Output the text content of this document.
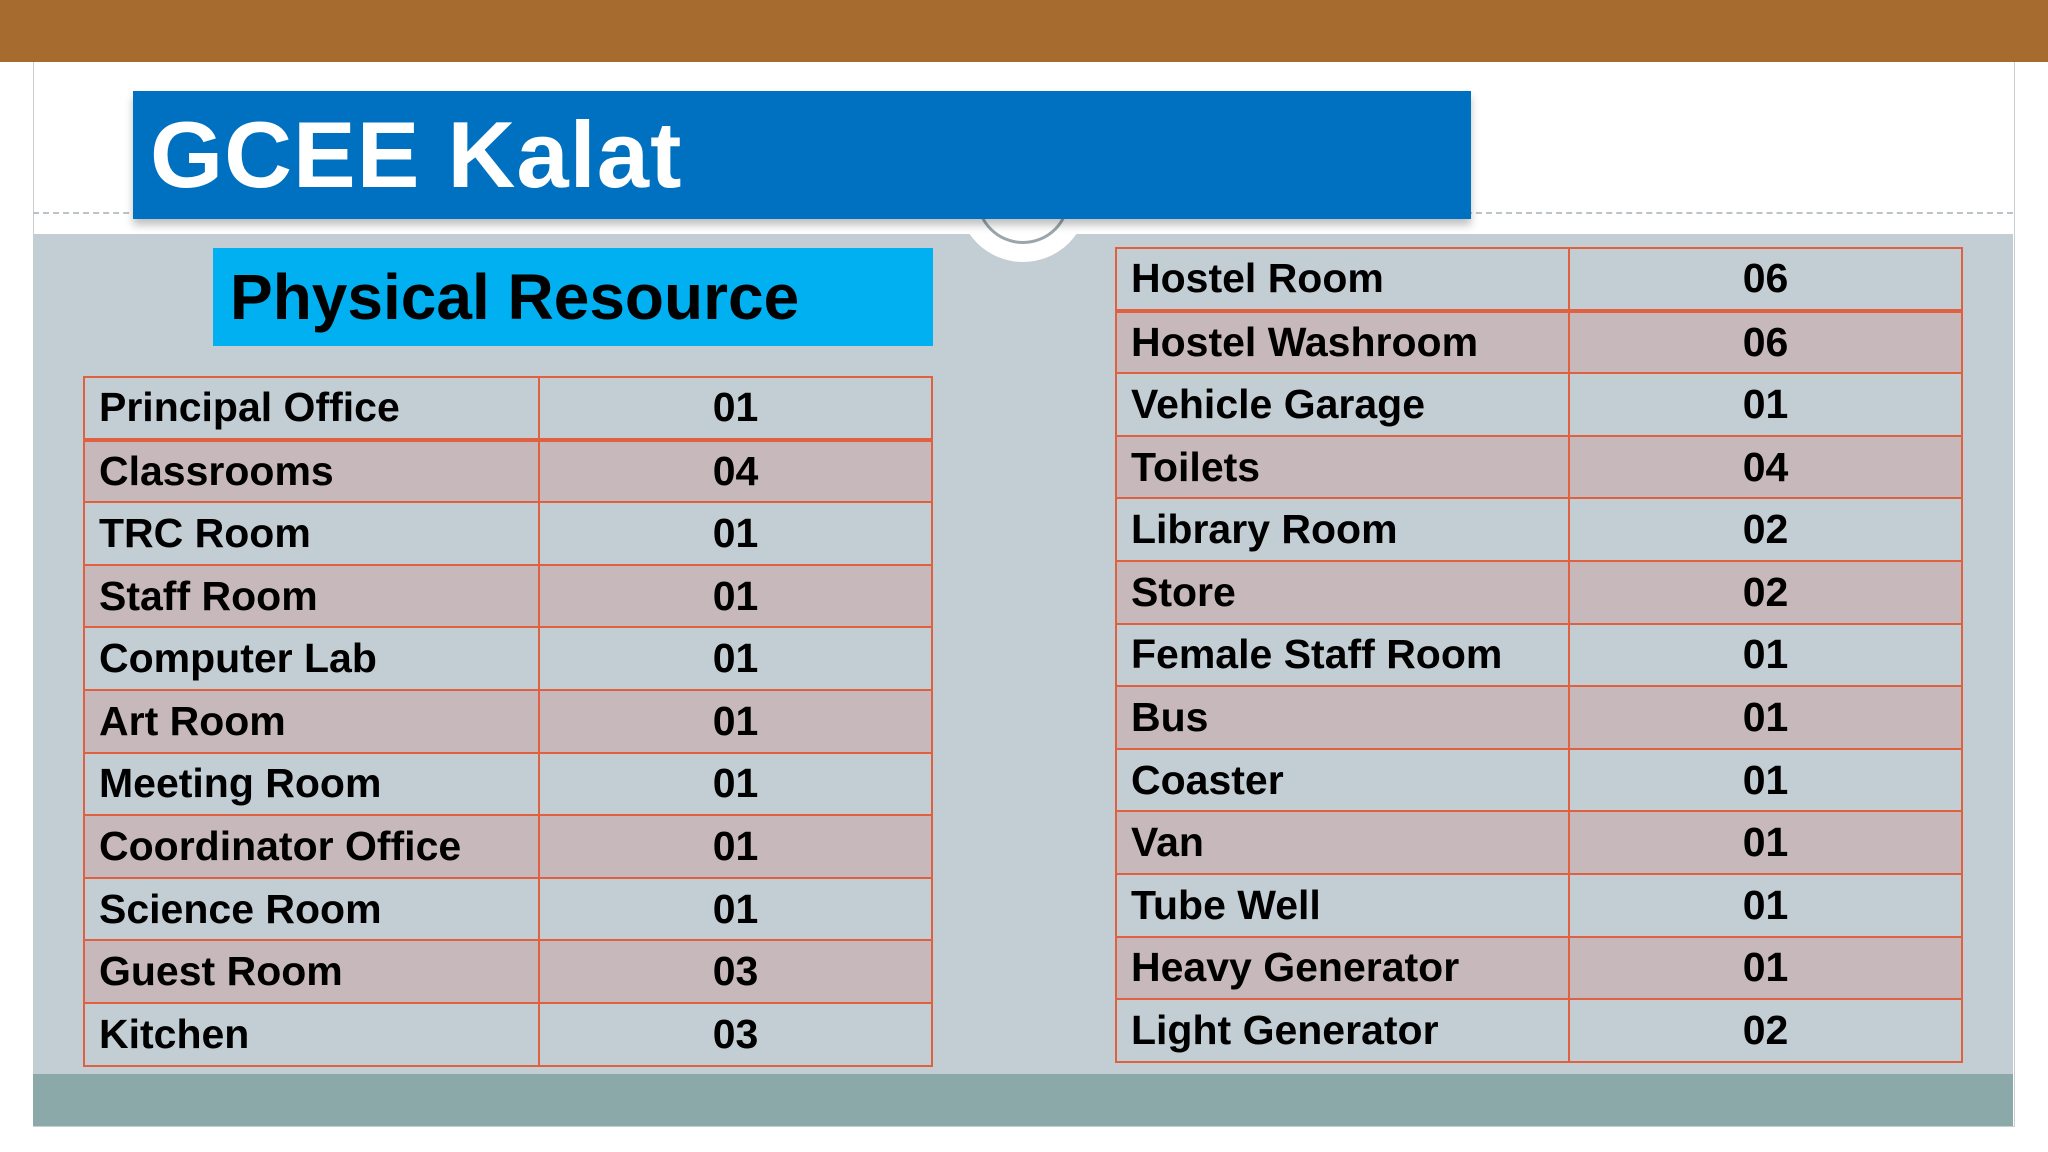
GCEE Kalat
Physical Resource
Principal Office	01
Classrooms	04
TRC Room	01
Staff Room	01
Computer Lab	01
Art Room	01
Meeting Room	01
Coordinator Office	01
Science Room	01
Guest Room	03
Kitchen	03
Hostel Room	06
Hostel Washroom	06
Vehicle Garage	01
Toilets	04
Library Room	02
Store	02
Female Staff Room	01
Bus	01
Coaster	01
Van	01
Tube Well	01
Heavy Generator	01
Light Generator	02
